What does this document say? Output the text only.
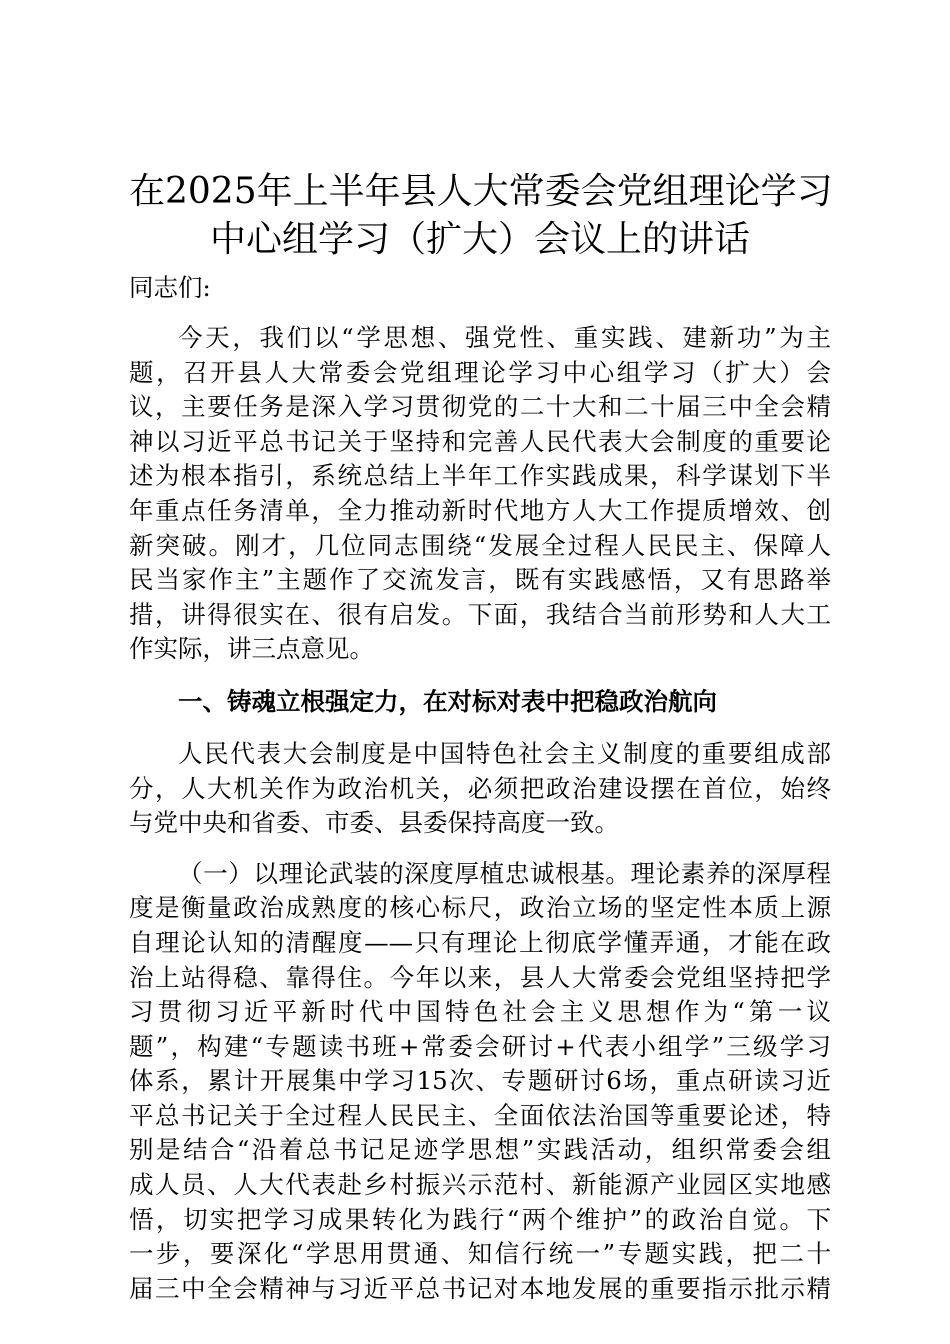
在2025年上半年县人大常委会党组理论学习
中心组学习（扩大）会议上的讲话

同志们:

今天，我们以“学思想、强党性、重实践、建新功”为主
题，召开县人大常委会党组理论学习中心组学习（扩大）会
议，主要任务是深入学习贯彻党的二十大和二十届三中全会精
神以习近平总书记关于坚持和完善人民代表大会制度的重要论
述为根本指引，系统总结上半年工作实践成果，科学谋划下半
年重点任务清单，全力推动新时代地方人大工作提质增效、创
新突破。刚才，几位同志围绕“发展全过程人民民主、保障人
民当家作主”主题作了交流发言，既有实践感悟，又有思路举
措，讲得很实在、很有启发。下面，我结合当前形势和人大工
作实际，讲三点意见。

一、铸魂立根强定力，在对标对表中把稳政治航向

人民代表大会制度是中国特色社会主义制度的重要组成部
分，人大机关作为政治机关，必须把政治建设摆在首位，始终
与党中央和省委、市委、县委保持高度一致。
（一）以理论武装的深度厚植忠诚根基。理论素养的深厚程
度是衡量政治成熟度的核心标尺，政治立场的坚定性本质上源
自理论认知的清醒度——只有理论上彻底学懂弄通，才能在政
治上站得稳、靠得住。今年以来，县人大常委会党组坚持把学
习贯彻习近平新时代中国特色社会主义思想作为“第一议
题”，构建“专题读书班+常委会研讨+代表小组学”三级学习
体系，累计开展集中学习15次、专题研讨6场，重点研读习近
平总书记关于全过程人民民主、全面依法治国等重要论述，特
别是结合“沿着总书记足迹学思想”实践活动，组织常委会组
成人员、人大代表赴乡村振兴示范村、新能源产业园区实地感
悟，切实把学习成果转化为践行“两个维护”的政治自觉。下
一步，要深化“学思用贯通、知信行统一”专题实践，把二十
届三中全会精神与习近平总书记对本地发展的重要指示批示精
